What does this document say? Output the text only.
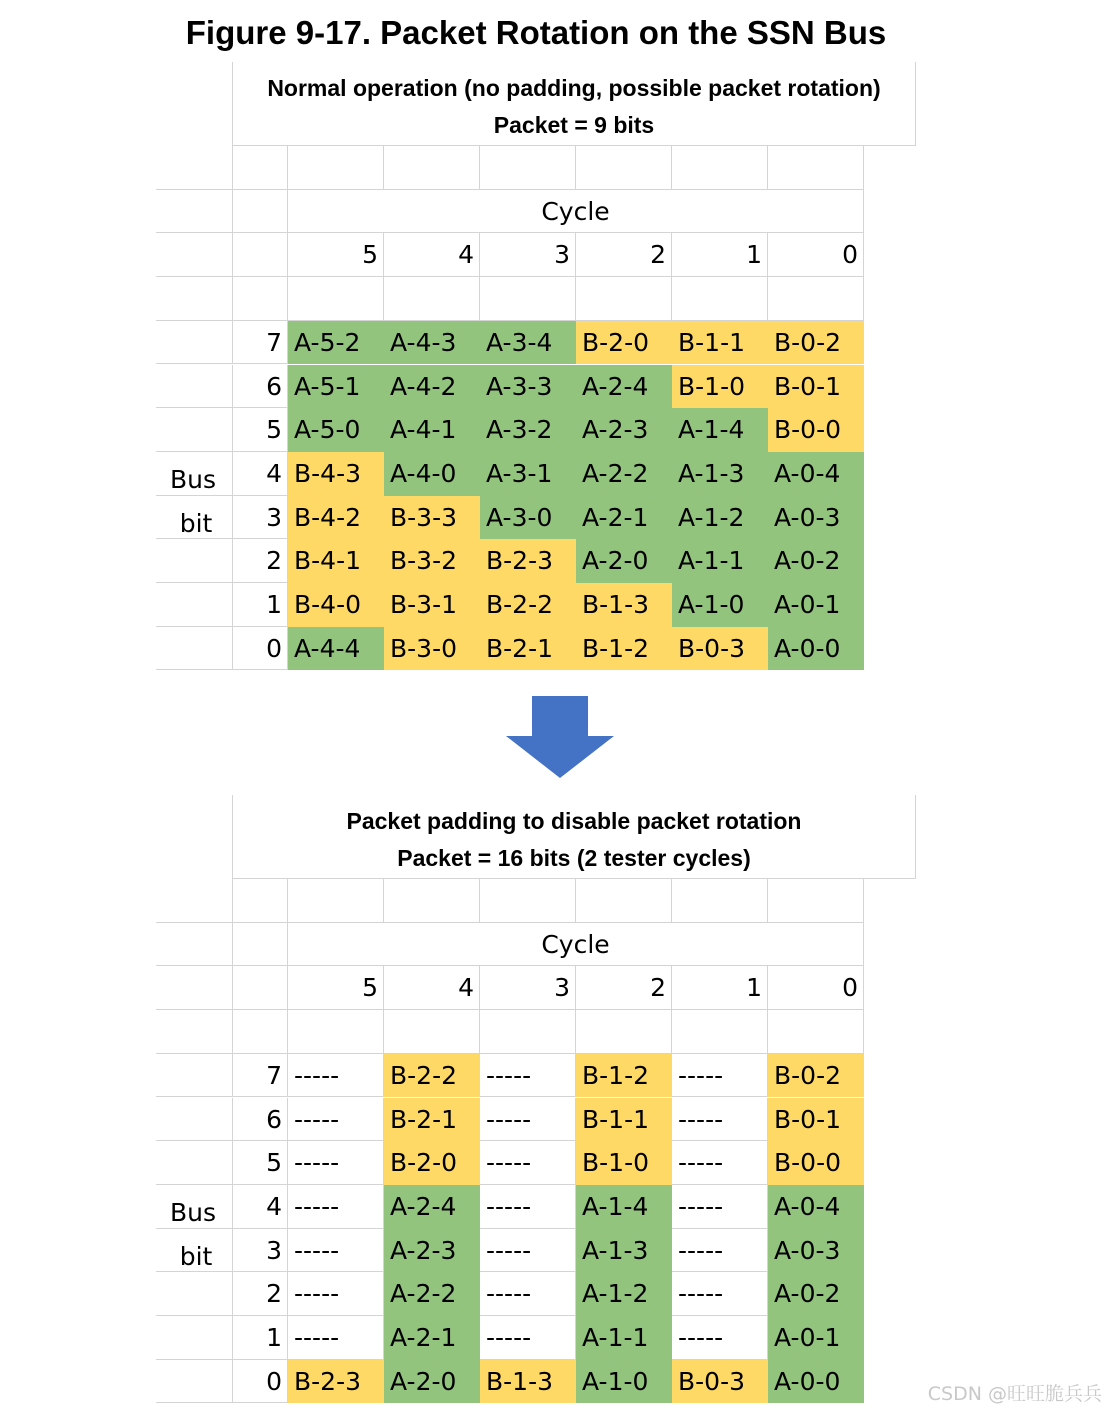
Figure 9-17. Packet Rotation on the SSN Bus
Normal operation (no padding, possible packet rotation)
Packet = 9 bits
Cycle
5	4	3	2	1	0
7 A-5-2	A-4-3	A-3-4	B-2-0	B-1-1	B-0-2
6 A-5-1	A-4-2	A-3-3	A-2-4	B-1-0	B-0-1
5 A-5-0	A-4-1	A-3-2	A-2-3	A-1-4	B-0-0
4 B-4-3	A-4-0	A-3-1	A-2-2	A-1-3	A-0-4
3 B-4-2	B-3-3	A-3-0	A-2-1	A-1-2	A-0-3
2 B-4-1	B-3-2	B-2-3	A-2-0	A-1-1	A-0-2
1 B-4-0	B-3-1	B-2-2	B-1-3	A-1-0	A-0-1
0 A-4-4	B-3-0	B-2-1	B-1-2	B-0-3	A-0-0
Bus
bit
Packet padding to disable packet rotation
Packet = 16 bits (2 tester cycles)
Cycle
5	4	3	2	1	0
7 -----	B-2-2	-----	B-1-2	-----	B-0-2
6 -----	B-2-1	-----	B-1-1	-----	B-0-1
5 -----	B-2-0	-----	B-1-0	-----	B-0-0
4 -----	A-2-4	-----	A-1-4	-----	A-0-4
3 -----	A-2-3	-----	A-1-3	-----	A-0-3
2 -----	A-2-2	-----	A-1-2	-----	A-0-2
1 -----	A-2-1	-----	A-1-1	-----	A-0-1
0 B-2-3	A-2-0	B-1-3	A-1-0	B-0-3	A-0-0
Bus
bit
CSDN @旺旺脆兵兵
